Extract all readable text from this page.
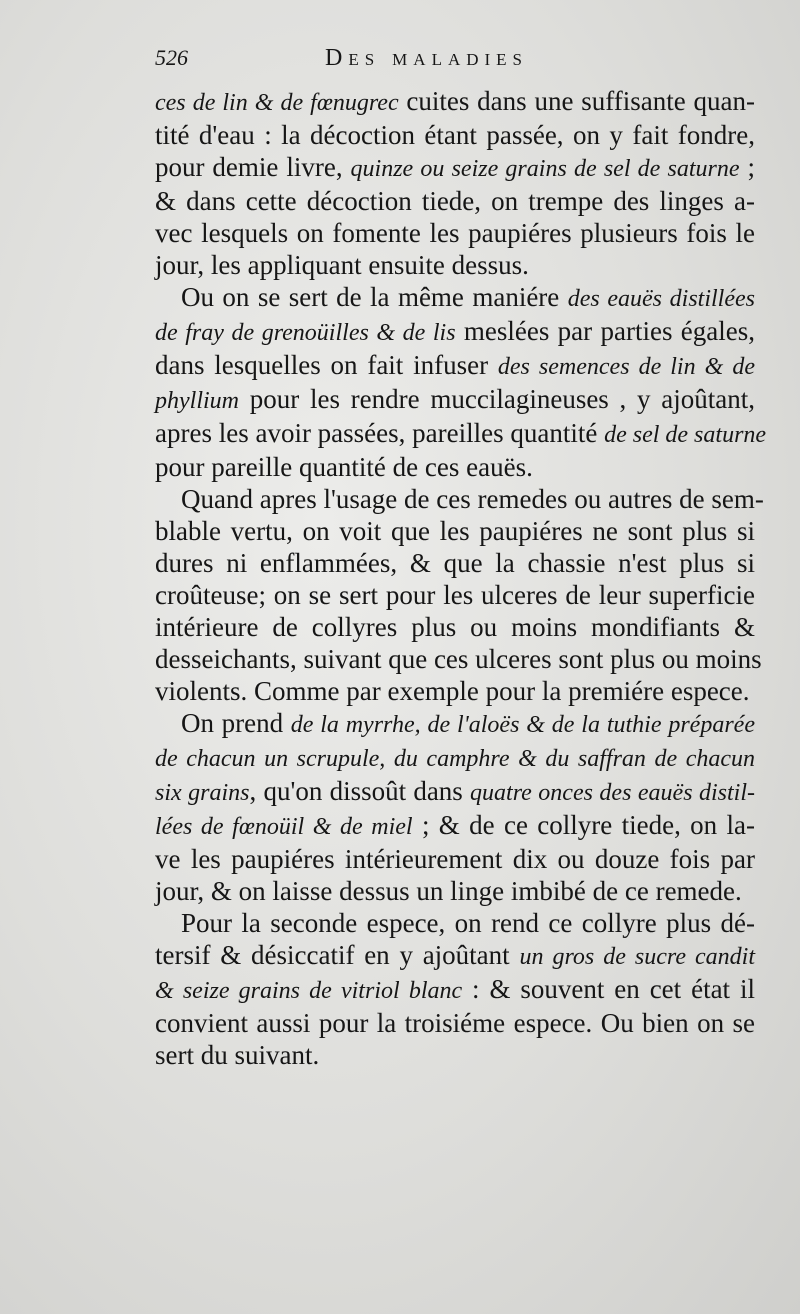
526	Des maladies
ces de lin & de fœnugrec cuites dans une suffisante quan-
tité d'eau : la décoction étant passée, on y fait fondre,
pour demie livre, quinze ou seize grains de sel de saturne ;
& dans cette décoction tiede, on trempe des linges a-
vec lesquels on fomente les paupiéres plusieurs fois le
jour, les appliquant ensuite dessus.
Ou on se sert de la même maniére des eauës distillées
de fray de grenoüilles & de lis meslées par parties égales,
dans lesquelles on fait infuser des semences de lin & de
phyllium pour les rendre muccilagineuses , y ajoûtant,
apres les avoir passées, pareilles quantité de sel de saturne
pour pareille quantité de ces eauës.
Quand apres l'usage de ces remedes ou autres de sem-
blable vertu, on voit que les paupiéres ne sont plus si
dures ni enflammées, & que la chassie n'est plus si
croûteuse; on se sert pour les ulceres de leur superficie
intérieure de collyres plus ou moins mondifiants &
desseichants, suivant que ces ulceres sont plus ou moins
violents. Comme par exemple pour la premiére espece.
On prend de la myrrhe, de l'aloës & de la tuthie préparée
de chacun un scrupule, du camphre & du saffran de chacun
six grains, qu'on dissoût dans quatre onces des eauës distil-
lées de fœnoüil & de miel ; & de ce collyre tiede, on la-
ve les paupiéres intérieurement dix ou douze fois par
jour, & on laisse dessus un linge imbibé de ce remede.
Pour la seconde espece, on rend ce collyre plus dé-
tersif & désiccatif en y ajoûtant un gros de sucre candit
& seize grains de vitriol blanc : & souvent en cet état il
convient aussi pour la troisiéme espece. Ou bien on se
sert du suivant.
